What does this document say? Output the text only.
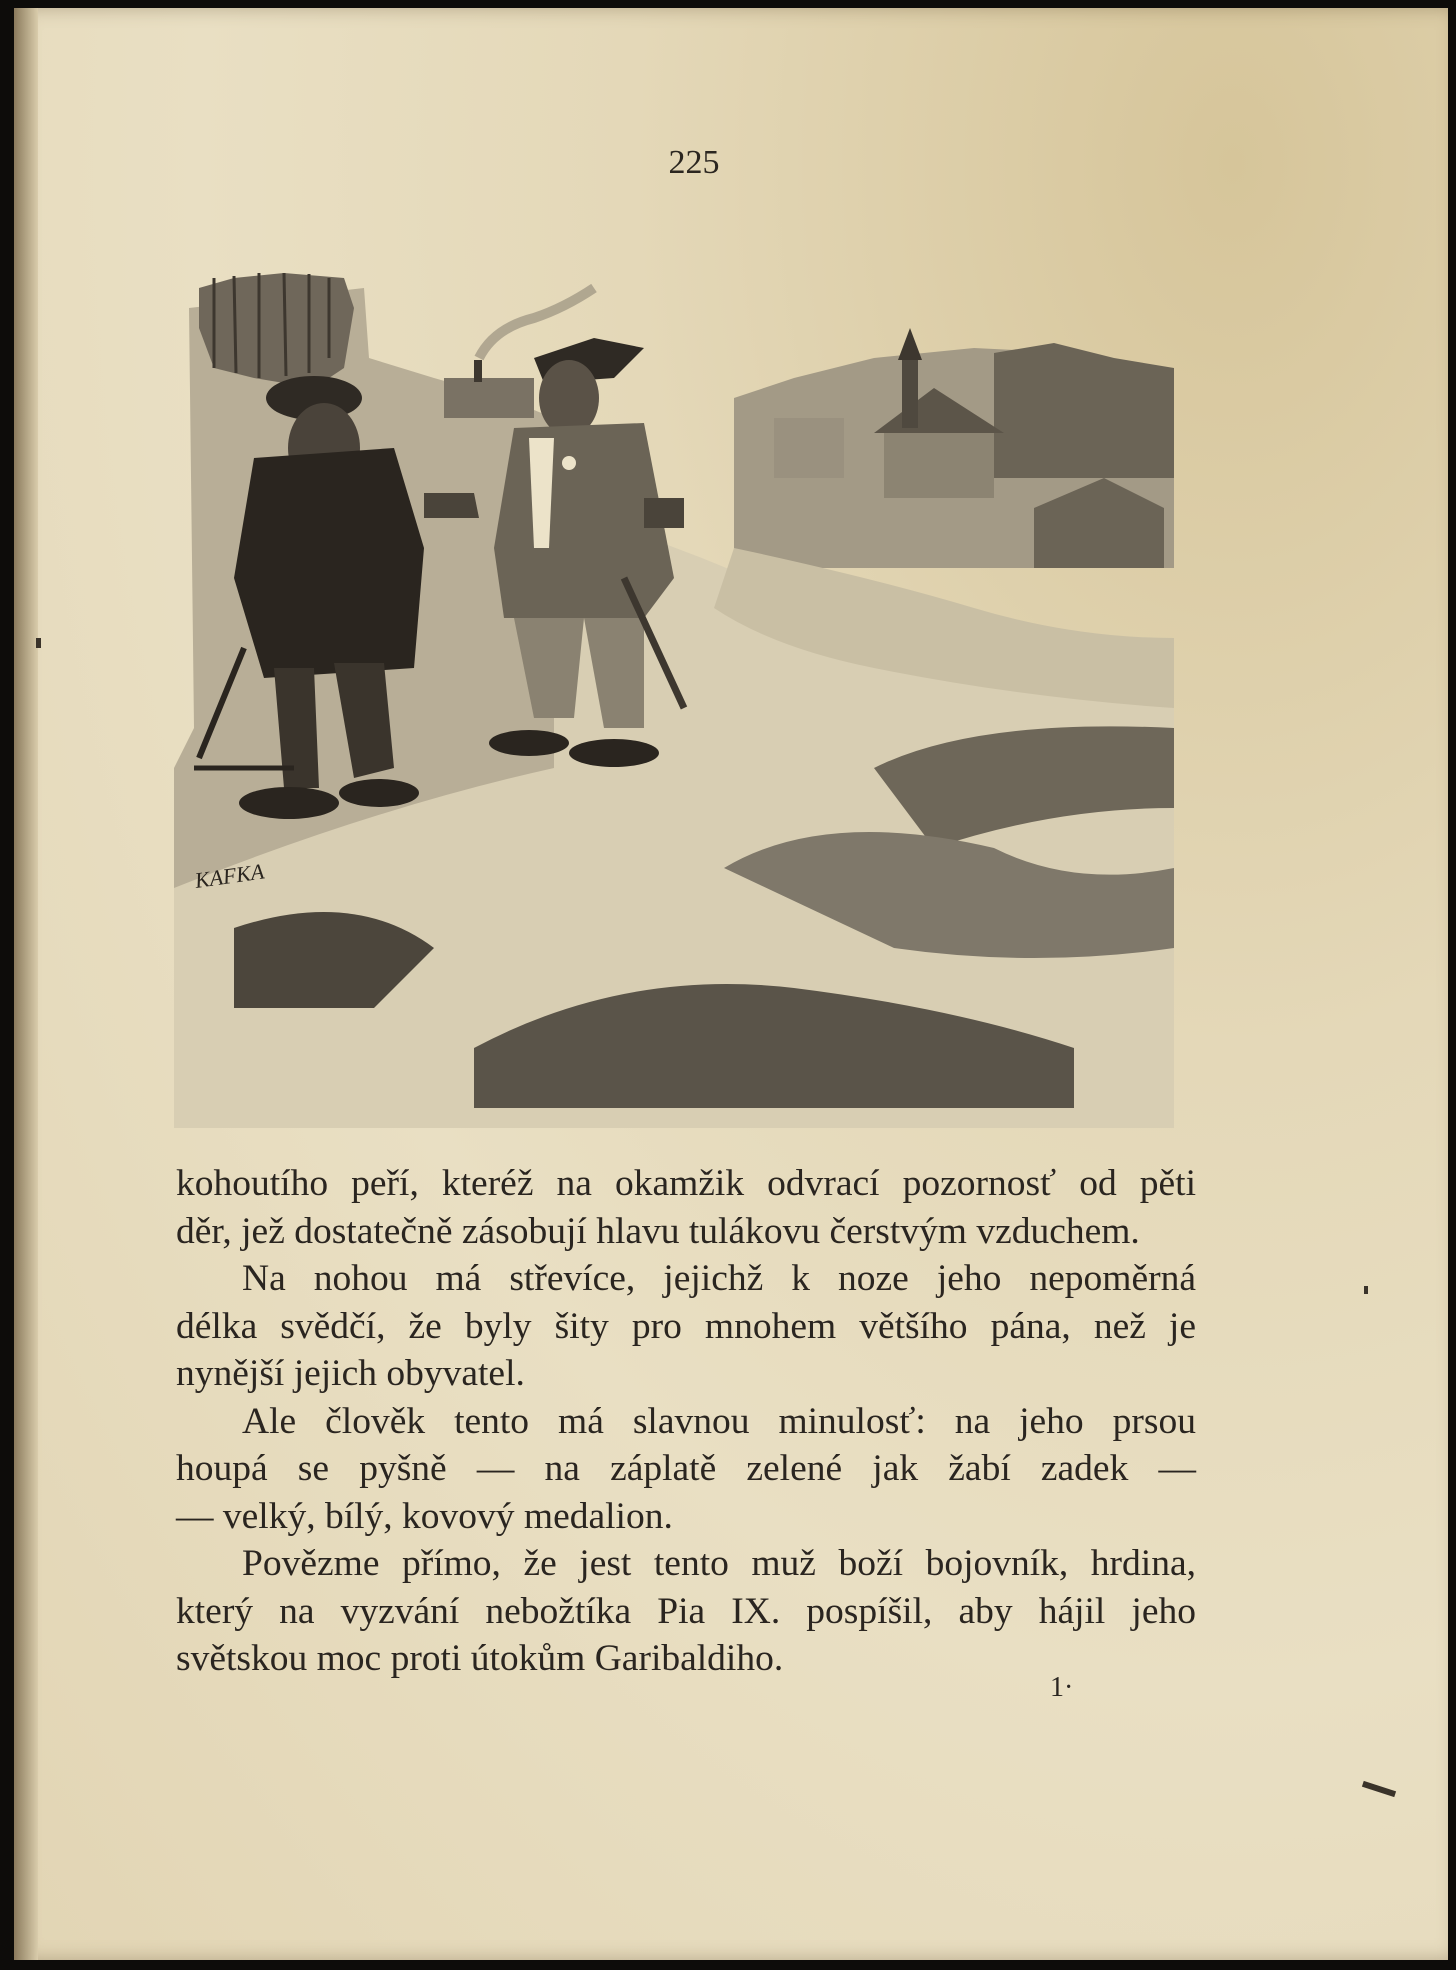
225
KAFKA
kohoutího peří, kteréž na okamžik odvrací pozornosť od pěti
děr, jež dostatečně zásobují hlavu tulákovu čerstvým vzduchem.
Na nohou má střevíce, jejichž k noze jeho nepoměrná
délka svědčí, že byly šity pro mnohem většího pána, než je
nynější jejich obyvatel.
Ale člověk tento má slavnou minulosť: na jeho prsou
houpá se pyšně — na záplatě zelené jak žabí zadek —
— velký, bílý, kovový medalion.
Povězme přímo, že jest tento muž boží bojovník, hrdina,
který na vyzvání nebožtíka Pia IX. pospíšil, aby hájil jeho
světskou moc proti útokům Garibaldiho.
1·
